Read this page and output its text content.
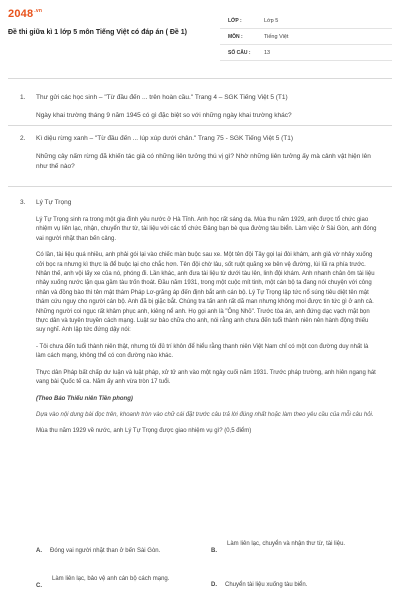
$2048^{.vn}$
Đề thi giữa kì 1 lớp 5 môn Tiếng Việt có đáp án ( Đề 1)
LỚP :	Lớp 5
MÔN :	Tiếng Việt
SỐ CÂU :	13
1. Thư gửi các học sinh – "Từ đầu đến ... trên hoàn cầu." Trang 4 – SGK Tiếng Việt 5 (T1)
Ngày khai trường tháng 9 năm 1945 có gì đặc biệt so với những ngày khai trường khác?
2. Kì diệu rừng xanh – "Từ đầu đến ... lúp xúp dưới chân." Trang 75 - SGK Tiếng Việt 5 (T1)
Những cây nấm rừng đã khiến tác giả có những liên tưởng thú vị gì? Nhờ những liên tưởng ấy mà cảnh vật hiện lên như thế nào?
3. Lý Tự Trọng

Lý Tự Trọng sinh ra trong một gia đình yêu nước ở Hà Tĩnh. Anh học rất sáng dạ. Mùa thu năm 1929, anh được tổ chức giao nhiệm vụ liên lạc, nhận, chuyển thư từ, tài liệu với các tổ chức Đảng bạn bè qua đường tàu biển. Làm việc ở Sài Gòn, anh đóng vai người nhặt than bến cảng.

Có lần, tài liệu quá nhiều, anh phải gói lại vào chiếc màn buộc sau xe. Một tên đội Tây gọi lại đòi khám, anh giả vờ nhảy xuống cởi bọc ra nhưng kì thực là để buộc lại cho chắc hơn. Tên đội chờ lâu, sốt ruột quăng xe bên vệ đường, lùi lũi ra phía trước. Nhân thế, anh vội lấy xe của nó, phóng đi. Lần khác, anh đưa tài liệu từ dưới tàu lên, linh đội khám. Anh nhanh chân ôm tài liệu nhảy xuống nước lặn qua gầm tàu trốn thoát. Đầu năm 1931, trong một cuộc mít tinh, một cán bộ ta đang nói chuyện với công nhân và đồng bào thì tên mật thám Pháp Lơ-grăng áp đến định bắt anh cán bộ. Lý Tự Trọng lập tức nổ súng tiêu diệt tên mật thám cứu nguy cho người cán bộ. Anh đã bị giặc bắt. Chúng tra tấn anh rất dã man nhưng không moi được tin tức gì ở anh cả. Những người coi ngục rất khâm phục anh, kiêng nể anh. Họ gọi anh là "Ông Nhỏ". Trước tòa án, anh đứng dạc vạch mặt bọn thực dân và tuyên truyền cách mạng. Luật sư bào chữa cho anh, nói rằng anh chưa đến tuổi thành niên nên hành động thiếu suy nghĩ. Anh lập tức đứng dậy nói:

- Tôi chưa đến tuổi thành niên thật, nhưng tôi đủ trí khôn để hiểu rằng thanh niên Việt Nam chỉ có một con đường duy nhất là làm cách mạng, không thể có con đường nào khác.

Thực dân Pháp bất chấp dư luận và luật pháp, xử tử anh vào một ngày cuối năm 1931. Trước pháp trường, anh hiên ngang hát vang bài Quốc tế ca. Năm ấy anh vừa tròn 17 tuổi.

(Theo Báo Thiếu niên Tiền phong)

Dựa vào nội dung bài đọc trên, khoanh tròn vào chữ cái đặt trước câu trả lời đúng nhất hoặc làm theo yêu cầu của mỗi câu hỏi.

Mùa thu năm 1929 về nước, anh Lý Tự Trọng được giao nhiệm vụ gì? (0,5 điểm)

A. Đóng vai người nhặt than ở bến Sài Gòn.	B.
Làm liên lạc, chuyển và nhận thư từ, tài liệu.
C.
Làm liên lạc, bảo vệ anh cán bộ cách mạng.
D. Chuyển tài liệu xuống tàu biển.
